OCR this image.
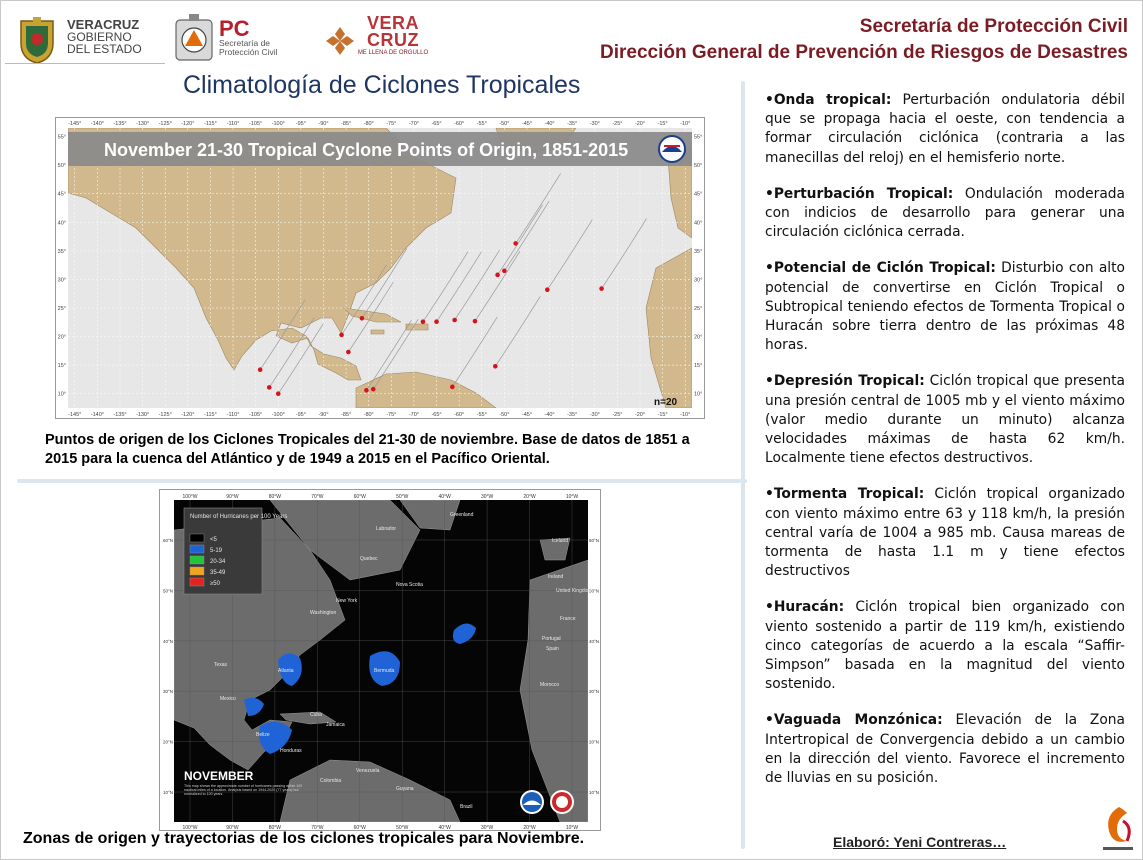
VERACRUZ
GOBIERNO
DEL ESTADO
PC
Secretaría de
Protección Civil
VERA
CRUZ
ME LLENA DE ORGULLO
Secretaría de Protección Civil
Dirección General de Prevención de Riesgos de Desastres
Climatología de Ciclones Tropicales
-145°
-145°
-140°
-140°
-135°
-135°
-130°
-130°
-125°
-125°
-120°
-120°
-115°
-115°
-110°
-110°
-105°
-105°
-100°
-100°
-95°
-95°
-90°
-90°
-85°
-85°
-80°
-80°
-75°
-75°
-70°
-70°
-65°
-65°
-60°
-60°
-55°
-55°
-50°
-50°
-45°
-45°
-40°
-40°
-35°
-35°
-30°
-30°
-25°
-25°
-20°
-20°
-15°
-15°
-10°
-10°
55°	55°
50°	50°
45°	45°
40°	40°
35°	35°
30°	30°
25°	25°
20°	20°
15°	15°
10°	10°
November 21-30 Tropical Cyclone Points of Origin, 1851-2015
n=20
Puntos de origen de los Ciclones Tropicales del 21-30 de noviembre. Base de datos de 1851 a 2015 para la cuenca del Atlántico y de 1949 a 2015 en el Pacífico Oriental.
Number of Hurricanes per 100 Years
<5
5-19
20-34
35-49
≥50
NOVEMBER
This map shows the approximate number of hurricanes passing within 100 nautical miles of a location. Analysis based on 1944-2020 (77 years) but normalized to 100 years.
100°W
100°W
90°W
90°W
80°W
80°W
70°W
70°W
60°W
60°W
50°W
50°W
40°W
40°W
30°W
30°W
20°W
20°W
10°W
10°W
60°N	60°N
50°N	50°N
40°N	40°N
30°N	30°N
20°N	20°N
10°N	10°N
Greenland
Iceland
Ireland
United Kingdom
France
Portugal
Spain
Morocco
Bermuda
Cuba
Mexico
Belize
Honduras
Jamaica
Venezuela
Colombia
Guyana
Brazil
Washington
New York
Atlanta
Texas
Quebec
Nova Scotia
Labrador
Zonas de origen y trayectorias de los ciclones tropicales para Noviembre.

•Onda tropical: Perturbación ondulatoria débil que se propaga hacia el oeste, con tendencia a formar circulación ciclónica (contraria a las manecillas del reloj) en el hemisferio norte.

•Perturbación Tropical: Ondulación moderada con indicios de desarrollo para generar una circulación ciclónica cerrada.

•Potencial de Ciclón Tropical: Disturbio con alto potencial de convertirse en Ciclón Tropical o Subtropical teniendo efectos de Tormenta Tropical o Huracán sobre tierra dentro de las próximas 48 horas.

•Depresión Tropical: Ciclón tropical que presenta una presión central de 1005 mb y el viento máximo (valor medio durante un minuto) alcanza velocidades máximas de hasta 62 km/h. Localmente tiene efectos destructivos.

•Tormenta Tropical: Ciclón tropical organizado con viento máximo entre 63 y 118 km/h, la presión central varía de 1004 a 985 mb. Causa mareas de tormenta de hasta 1.1 m y tiene efectos destructivos

•Huracán: Ciclón tropical bien organizado con viento sostenido a partir de 119 km/h, existiendo cinco categorías de acuerdo a la escala “Saffir-Simpson” basada en la magnitud del viento sostenido.

•Vaguada Monzónica: Elevación de la Zona Intertropical de Convergencia debido a un cambio en la dirección del viento. Favorece el incremento de lluvias en su posición.

Elaboró: Yeni Contreras…
